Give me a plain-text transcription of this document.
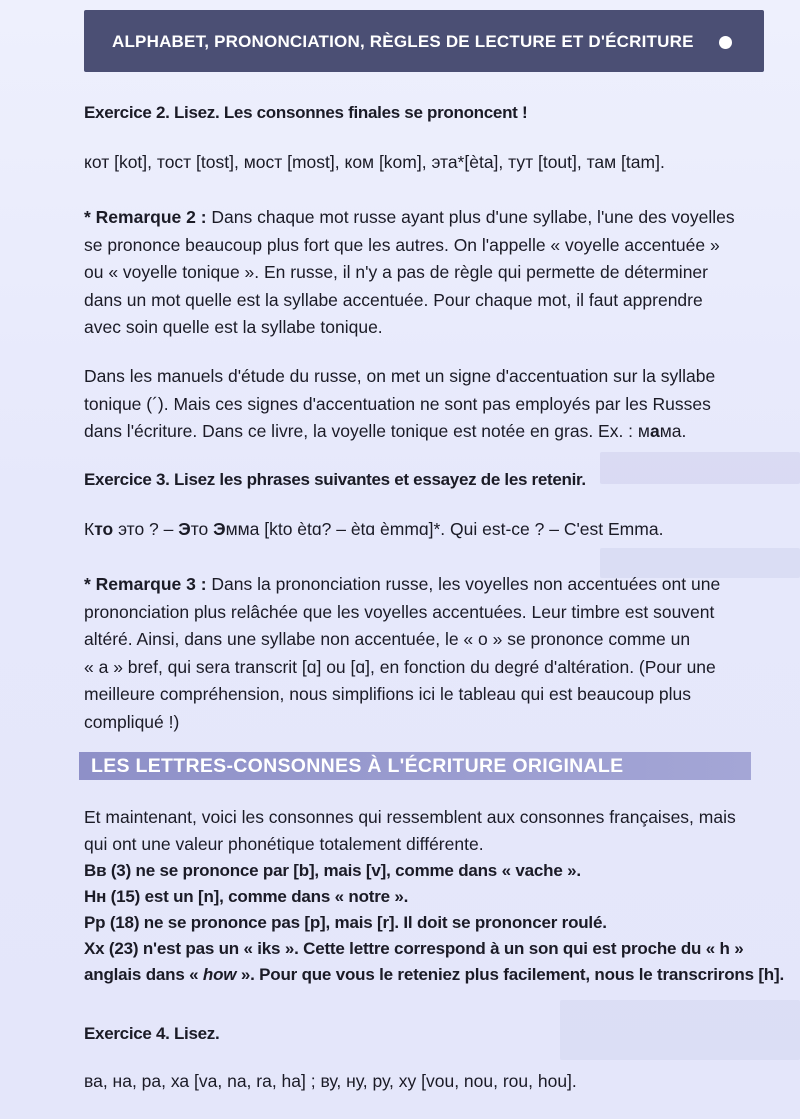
ALPHABET, PRONONCIATION, RÈGLES DE LECTURE ET D'ÉCRITURE
Exercice 2. Lisez. Les consonnes finales se prononcent !
кот [kot], тост [tost], мост [most], ком [kom], эта*[èta], тут [tout], там [tam].
* Remarque 2 : Dans chaque mot russe ayant plus d'une syllabe, l'une des voyelles
se prononce beaucoup plus fort que les autres. On l'appelle « voyelle accentuée »
ou « voyelle tonique ». En russe, il n'y a pas de règle qui permette de déterminer
dans un mot quelle est la syllabe accentuée. Pour chaque mot, il faut apprendre
avec soin quelle est la syllabe tonique.
Dans les manuels d'étude du russe, on met un signe d'accentuation sur la syllabe
tonique (´). Mais ces signes d'accentuation ne sont pas employés par les Russes
dans l'écriture. Dans ce livre, la voyelle tonique est notée en gras. Ex. : мама.
Exercice 3. Lisez les phrases suivantes et essayez de les retenir.
Кто это ? – Это Эмма [kto ètɑ? – ètɑ èmmɑ]*. Qui est-ce ? – C'est Emma.
* Remarque 3 : Dans la prononciation russe, les voyelles non accentuées ont une
prononciation plus relâchée que les voyelles accentuées. Leur timbre est souvent
altéré. Ainsi, dans une syllabe non accentuée, le « o » se prononce comme un
« a » bref, qui sera transcrit [ɑ] ou [ɑ], en fonction du degré d'altération. (Pour une
meilleure compréhension, nous simplifions ici le tableau qui est beaucoup plus
compliqué !)
LES LETTRES-CONSONNES À L'ÉCRITURE ORIGINALE
Et maintenant, voici les consonnes qui ressemblent aux consonnes françaises, mais
qui ont une valeur phonétique totalement différente.
Вв (3) ne se prononce par [b], mais [v], comme dans « vache ».
Нн (15) est un [n], comme dans « notre ».
Рр (18) ne se prononce pas [p], mais [r]. Il doit se prononcer roulé.
Хх (23) n'est pas un « iks ». Cette lettre correspond à un son qui est proche du « h »
anglais dans « how ». Pour que vous le reteniez plus facilement, nous le transcrirons [h].
Exercice 4. Lisez.
ва, на, ра, ха [va, na, ra, ha] ; ву, ну, ру, ху [vou, nou, rou, hou].
